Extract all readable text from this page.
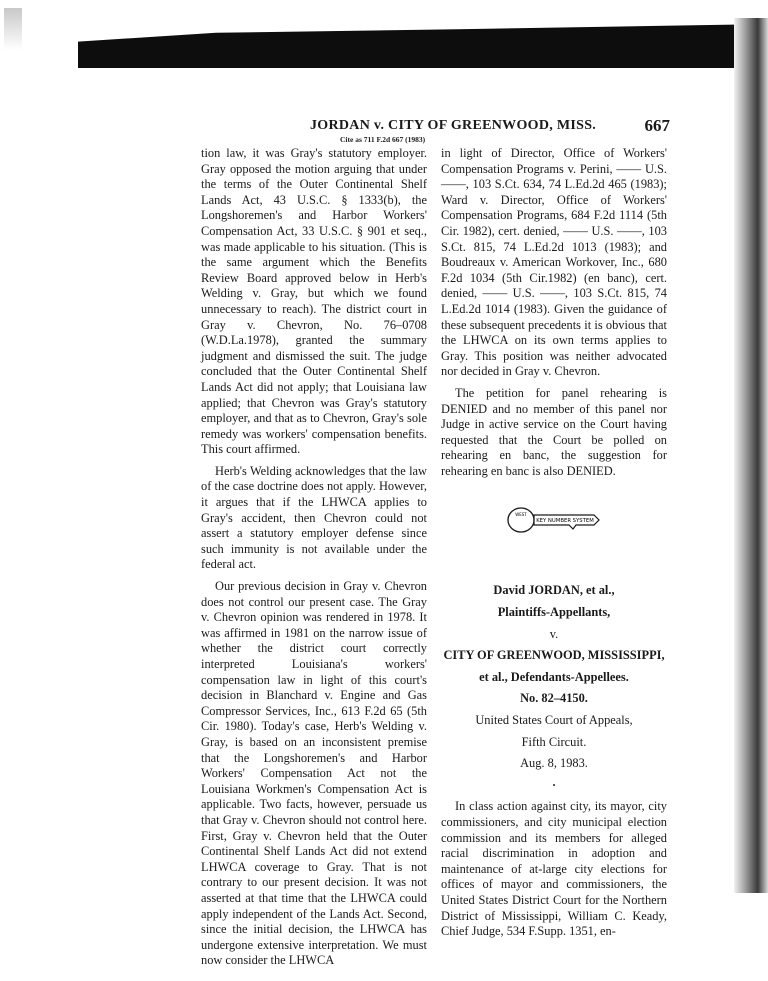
JORDAN v. CITY OF GREENWOOD, MISS.	667
Cite as 711 F.2d 667 (1983)

tion law, it was Gray's statutory employer. Gray opposed the motion arguing that under the terms of the Outer Continental Shelf Lands Act, 43 U.S.C. § 1333(b), the Longshoremen's and Harbor Workers' Compensation Act, 33 U.S.C. § 901 et seq., was made applicable to his situation. (This is the same argument which the Benefits Review Board approved below in Herb's Welding v. Gray, but which we found unnecessary to reach). The district court in Gray v. Chevron, No. 76–0708 (W.D.La.1978), granted the summary judgment and dismissed the suit. The judge concluded that the Outer Continental Shelf Lands Act did not apply; that Louisiana law applied; that Chevron was Gray's statutory employer, and that as to Chevron, Gray's sole remedy was workers' compensation benefits. This court affirmed.

Herb's Welding acknowledges that the law of the case doctrine does not apply. However, it argues that if the LHWCA applies to Gray's accident, then Chevron could not assert a statutory employer defense since such immunity is not available under the federal act.

Our previous decision in Gray v. Chevron does not control our present case. The Gray v. Chevron opinion was rendered in 1978. It was affirmed in 1981 on the narrow issue of whether the district court correctly interpreted Louisiana's workers' compensation law in light of this court's decision in Blanchard v. Engine and Gas Compressor Services, Inc., 613 F.2d 65 (5th Cir. 1980). Today's case, Herb's Welding v. Gray, is based on an inconsistent premise that the Longshoremen's and Harbor Workers' Compensation Act not the Louisiana Workmen's Compensation Act is applicable. Two facts, however, persuade us that Gray v. Chevron should not control here. First, Gray v. Chevron held that the Outer Continental Shelf Lands Act did not extend LHWCA coverage to Gray. That is not contrary to our present decision. It was not asserted at that time that the LHWCA could apply independent of the Lands Act. Second, since the initial decision, the LHWCA has undergone extensive interpretation. We must now consider the LHWCA

in light of Director, Office of Workers' Compensation Programs v. Perini, —— U.S. ——, 103 S.Ct. 634, 74 L.Ed.2d 465 (1983); Ward v. Director, Office of Workers' Compensation Programs, 684 F.2d 1114 (5th Cir. 1982), cert. denied, —— U.S. ——, 103 S.Ct. 815, 74 L.Ed.2d 1013 (1983); and Boudreaux v. American Workover, Inc., 680 F.2d 1034 (5th Cir.1982) (en banc), cert. denied, —— U.S. ——, 103 S.Ct. 815, 74 L.Ed.2d 1014 (1983). Given the guidance of these subsequent precedents it is obvious that the LHWCA on its own terms applies to Gray. This position was neither advocated nor decided in Gray v. Chevron.

The petition for panel rehearing is DENIED and no member of this panel nor Judge in active service on the Court having requested that the Court be polled on rehearing en banc, the suggestion for rehearing en banc is also DENIED.

WEST
KEY NUMBER SYSTEM

David JORDAN, et al.,

Plaintiffs-Appellants,

v.

CITY OF GREENWOOD, MISSISSIPPI,

et al., Defendants-Appellees.

No. 82–4150.

United States Court of Appeals,

Fifth Circuit.

Aug. 8, 1983.

•

In class action against city, its mayor, city commissioners, and city municipal election commission and its members for alleged racial discrimination in adoption and maintenance of at-large city elections for offices of mayor and commissioners, the United States District Court for the Northern District of Mississippi, William C. Keady, Chief Judge, 534 F.Supp. 1351, en-
